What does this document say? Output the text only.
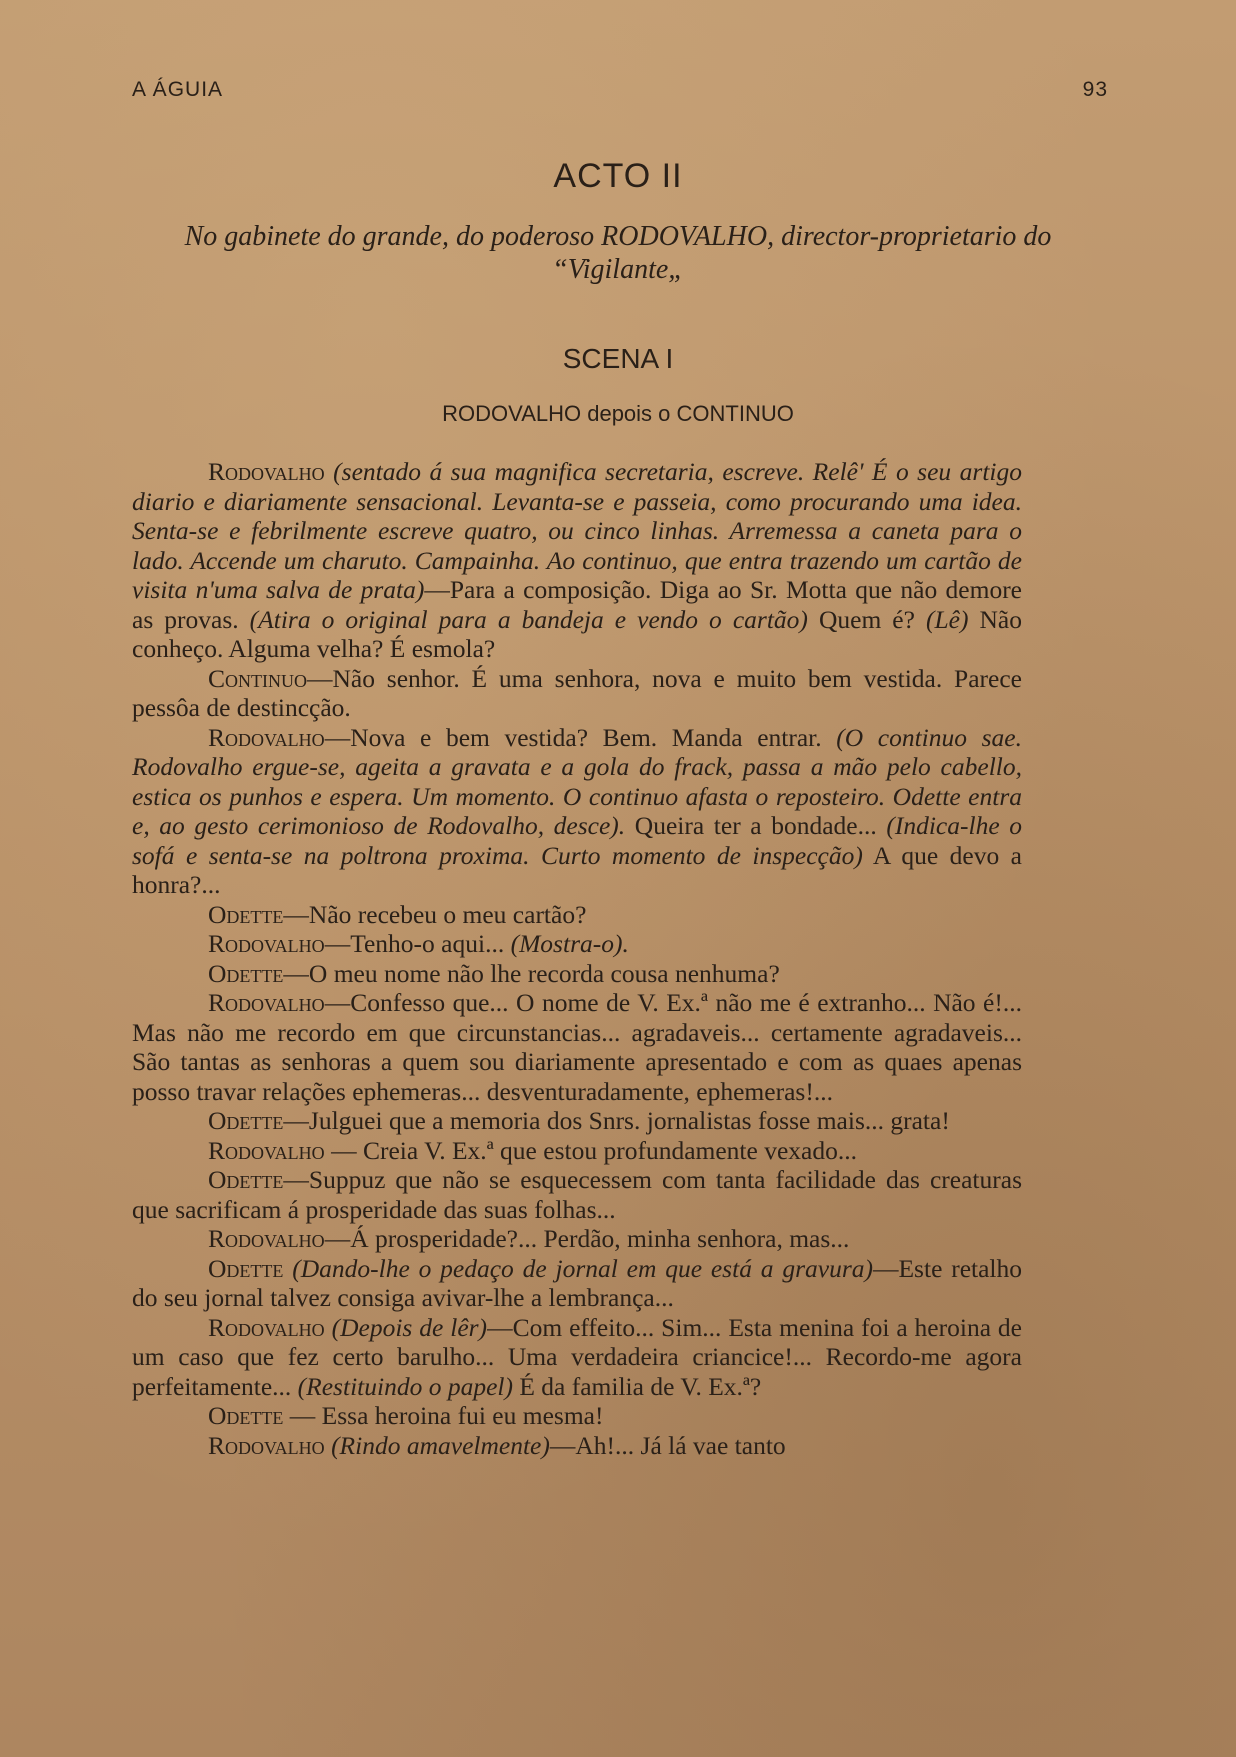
A ÁGUIA	93
ACTO II
No gabinete do grande, do poderoso RODOVALHO, director-proprietario do “Vigilante„
SCENA I
RODOVALHO depois o CONTINUO

Rodovalho (sentado á sua magnifica secretaria, escreve. Relê' É o seu artigo diario e diariamente sensacional. Levanta-se e passeia, como procurando uma idea. Senta-se e febrilmente escreve quatro, ou cinco linhas. Arremessa a caneta para o lado. Accende um charuto. Campainha. Ao continuo, que entra trazendo um cartão de visita n'uma salva de prata)—Para a composição. Diga ao Sr. Motta que não demore as provas. (Atira o original para a bandeja e vendo o cartão) Quem é? (Lê) Não conheço. Alguma velha? É esmola?

Continuo—Não senhor. É uma senhora, nova e muito bem vestida. Parece pessôa de destincção.

Rodovalho—Nova e bem vestida? Bem. Manda entrar. (O continuo sae. Rodovalho ergue-se, ageita a gravata e a gola do frack, passa a mão pelo cabello, estica os punhos e espera. Um momento. O continuo afasta o reposteiro. Odette entra e, ao gesto cerimonioso de Rodovalho, desce). Queira ter a bondade... (Indica-lhe o sofá e senta-se na poltrona proxima. Curto momento de inspecção) A que devo a honra?...

Odette—Não recebeu o meu cartão?

Rodovalho—Tenho-o aqui... (Mostra-o).

Odette—O meu nome não lhe recorda cousa nenhuma?

Rodovalho—Confesso que... O nome de V. Ex.ª não me é extranho... Não é!... Mas não me recordo em que circunstancias... agradaveis... certamente agradaveis... São tantas as senhoras a quem sou diariamente apresentado e com as quaes apenas posso travar relações ephemeras... desventuradamente, ephemeras!...

Odette—Julguei que a memoria dos Snrs. jornalistas fosse mais... grata!

Rodovalho — Creia V. Ex.ª que estou profundamente vexado...

Odette—Suppuz que não se esquecessem com tanta facilidade das creaturas que sacrificam á prosperidade das suas folhas...

Rodovalho—Á prosperidade?... Perdão, minha senhora, mas...

Odette (Dando-lhe o pedaço de jornal em que está a gravura)—Este retalho do seu jornal talvez consiga avivar-lhe a lembrança...

Rodovalho (Depois de lêr)—Com effeito... Sim... Esta menina foi a heroina de um caso que fez certo barulho... Uma verdadeira criancice!... Recordo-me agora perfeitamente... (Restituindo o papel) É da familia de V. Ex.ª?

Odette — Essa heroina fui eu mesma!

Rodovalho (Rindo amavelmente)—Ah!... Já lá vae tanto
